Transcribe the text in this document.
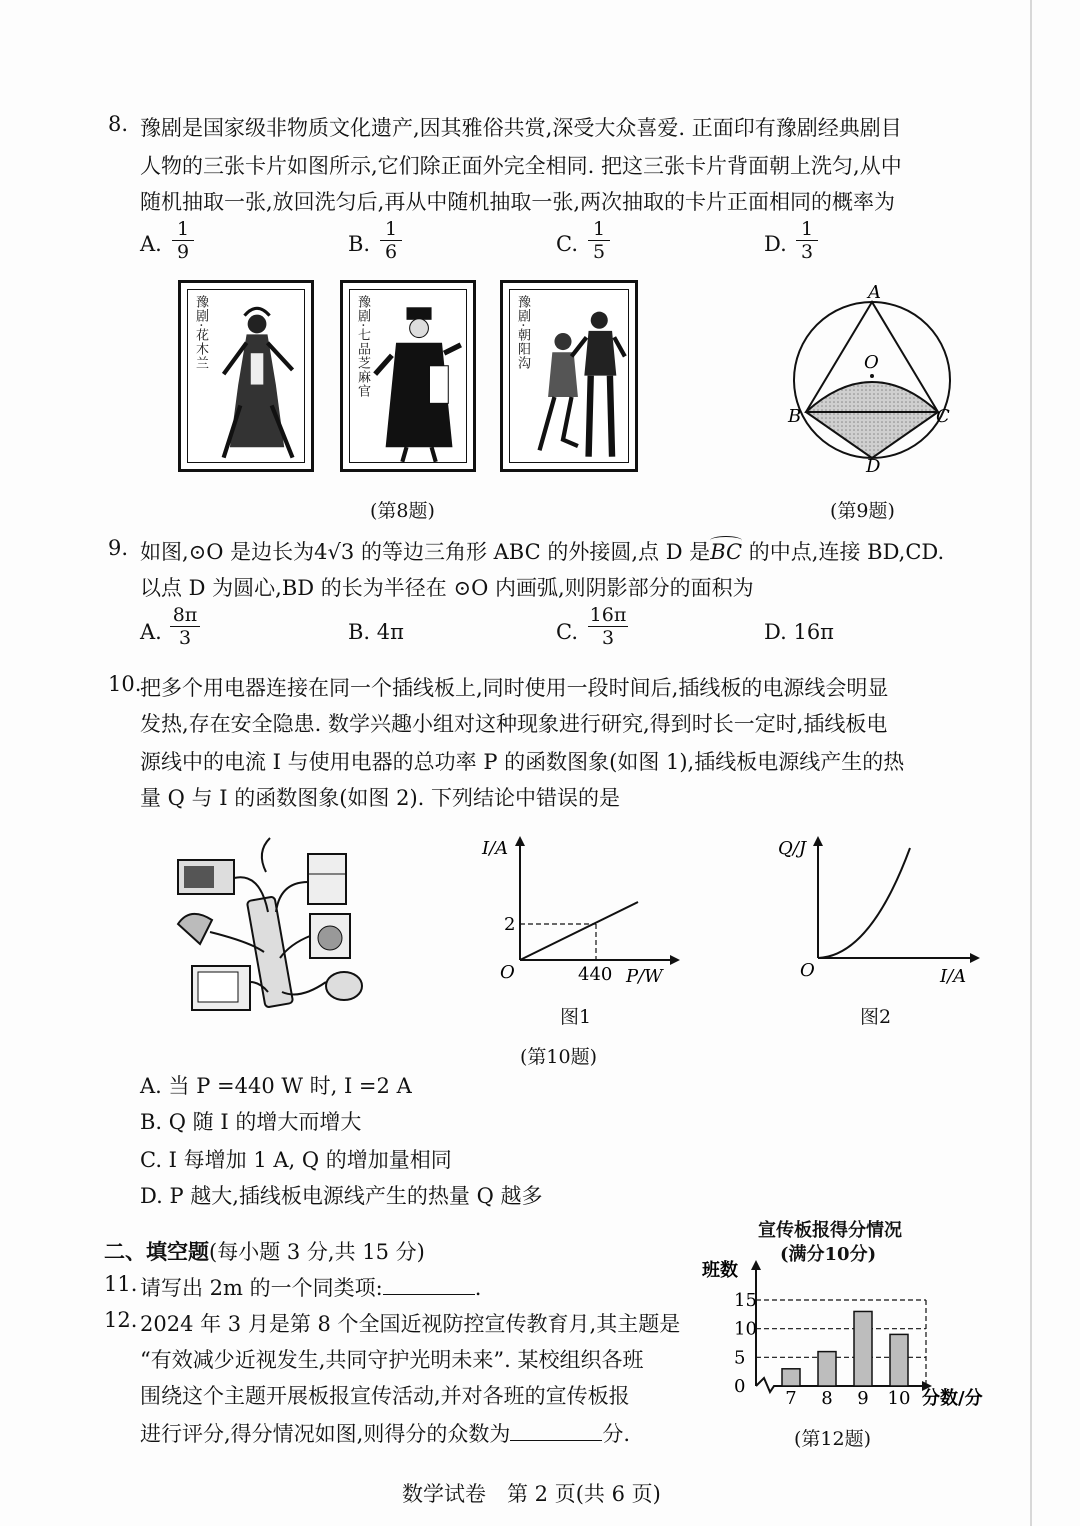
8. 豫剧是国家级非物质文化遗产,因其雅俗共赏,深受大众喜爱. 正面印有豫剧经典剧目
人物的三张卡片如图所示,它们除正面外完全相同. 把这三张卡片背面朝上洗匀,从中
随机抽取一张,放回洗匀后,再从中随机抽取一张,两次抽取的卡片正面相同的概率为
A.
1
9	B.
1
6	C.
1
5	D.
1
3
豫剧·花木兰	豫剧·七品芝麻官	豫剧·朝阳沟
(第8题)
A
O
B	C
D
(第9题)
9. 如图,⊙O 是边长为4√3 的等边三角形 ABC 的外接圆,点 D 是
BC 的中点,连接 BD,CD.
以点 D 为圆心,BD 的长为半径在 ⊙O 内画弧,则阴影部分的面积为
A.
8π
3	B. 4π	C.
16π
3	D. 16π
10.
把多个用电器连接在同一个插线板上,同时使用一段时间后,插线板的电源线会明显
发热,存在安全隐患. 数学兴趣小组对这种现象进行研究,得到时长一定时,插线板电
源线中的电流 I 与使用电器的总功率 P 的函数图象(如图 1),插线板电源线产生的热
量 Q 与 I 的函数图象(如图 2). 下列结论中错误的是
I/A
2
O	440 P/W
图1
Q/J
O	I/A
图2
(第10题)
A. 当 P =440 W 时, I =2 A
B. Q 随 I 的增大而增大
C. I 每增加 1 A, Q 的增加量相同
D. P 越大,插线板电源线产生的热量 Q 越多
二、填空题(每小题 3 分,共 15 分)
11. 请写出 2m 的一个同类项:	.
12. 2024 年 3 月是第 8 个全国近视防控宣传教育月,其主题是
“有效减少近视发生,共同守护光明未来”. 某校组织各班
围绕这个主题开展板报宣传活动,并对各班的宣传板报
进行评分,得分情况如图,则得分的众数为	分.
宣传板报得分情况
(满分10分)
0
5
10
15
7 8 9 10
班数
分数/分
(第12题)
数学试卷　第 2 页(共 6 页)
